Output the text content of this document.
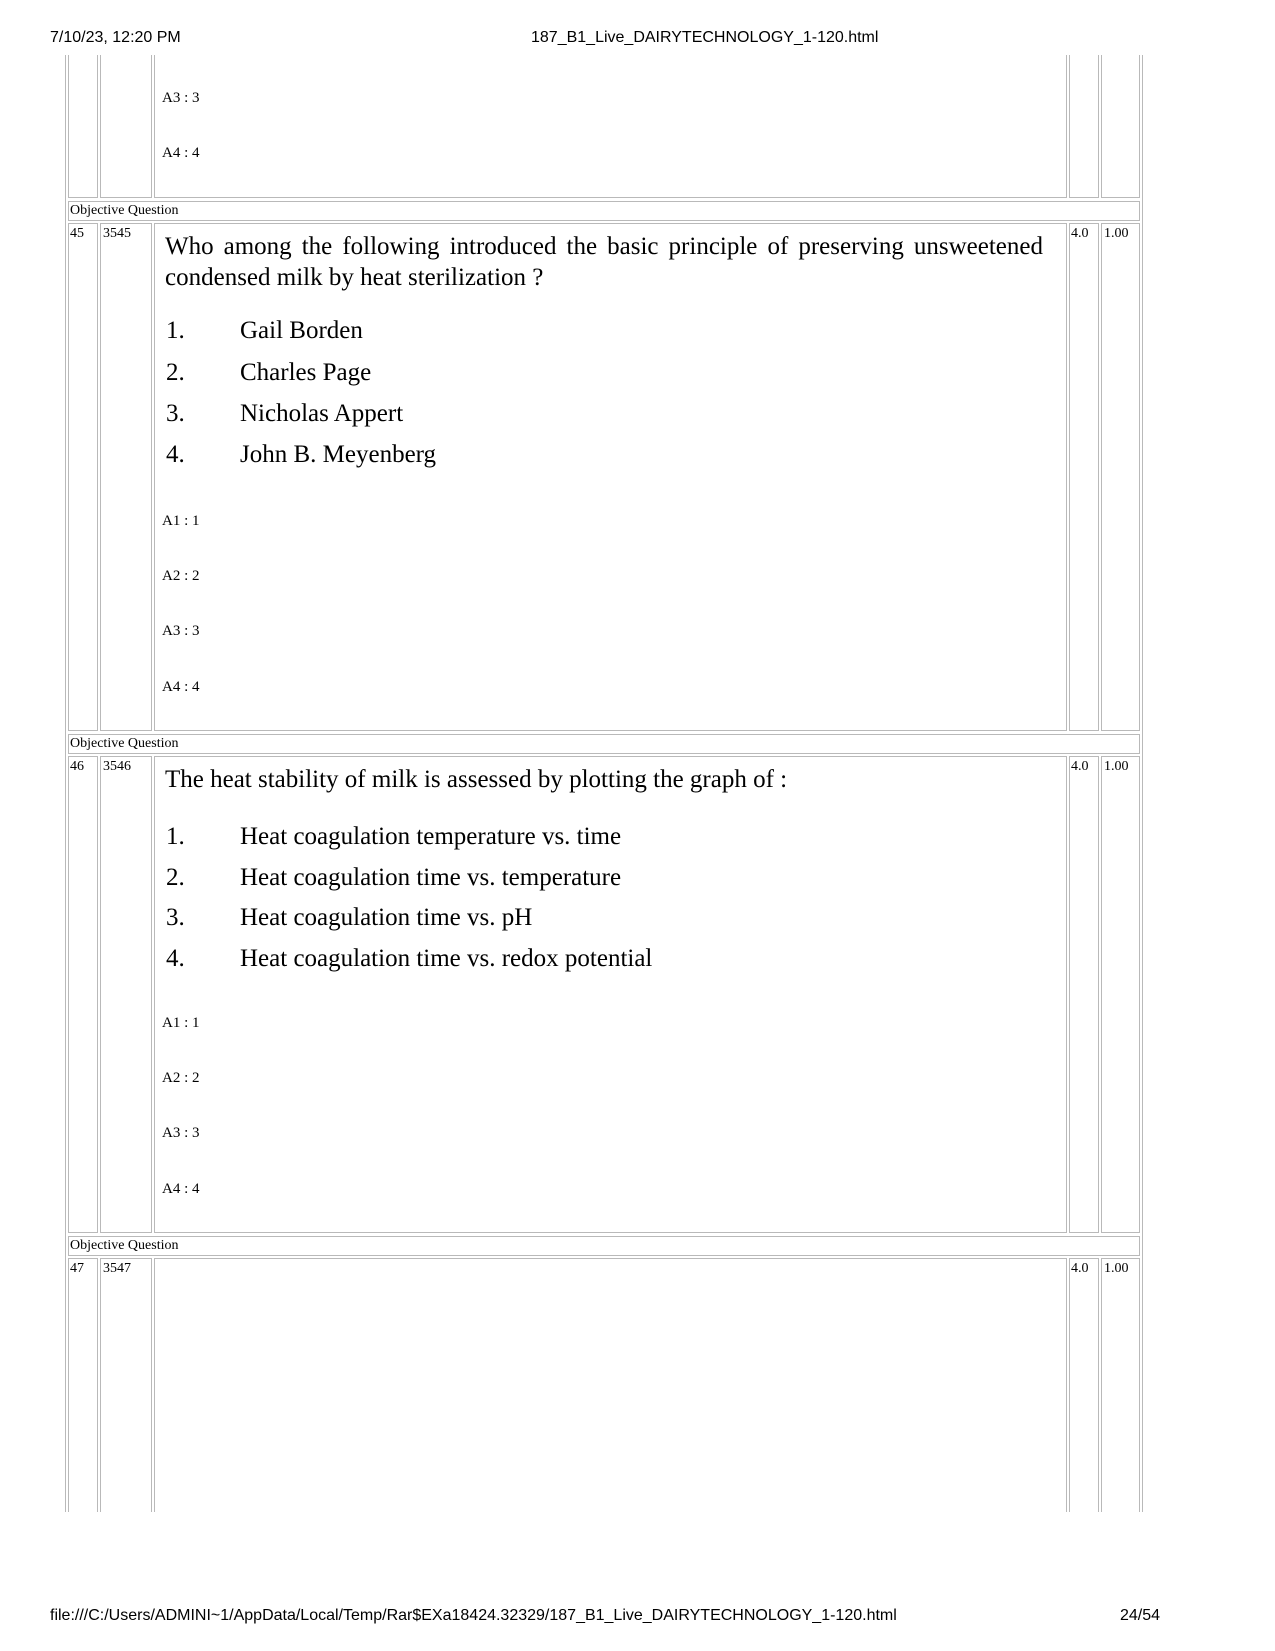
7/10/23, 12:20 PM	187_B1_Live_DAIRYTECHNOLOGY_1-120.html
file:///C:/Users/ADMINI~1/AppData/Local/Temp/Rar$EXa18424.32329/187_B1_Live_DAIRYTECHNOLOGY_1-120.html	24/54
A3 : 3
A4 : 4
Objective Question
45 3545 Who among the following introduced the basic principle of preserving unsweetened condensed milk by heat sterilization ?
1. Gail Borden
2. Charles Page
3. Nicholas Appert
4. John B. Meyenberg
A1 : 1
A2 : 2
A3 : 3
A4 : 4
4.0 1.00
Objective Question
46 3546 The heat stability of milk is assessed by plotting the graph of :
1. Heat coagulation temperature vs. time
2. Heat coagulation time vs. temperature
3. Heat coagulation time vs. pH
4. Heat coagulation time vs. redox potential
A1 : 1
A2 : 2
A3 : 3
A4 : 4
4.0 1.00
Objective Question
47 3547	4.0 1.00
